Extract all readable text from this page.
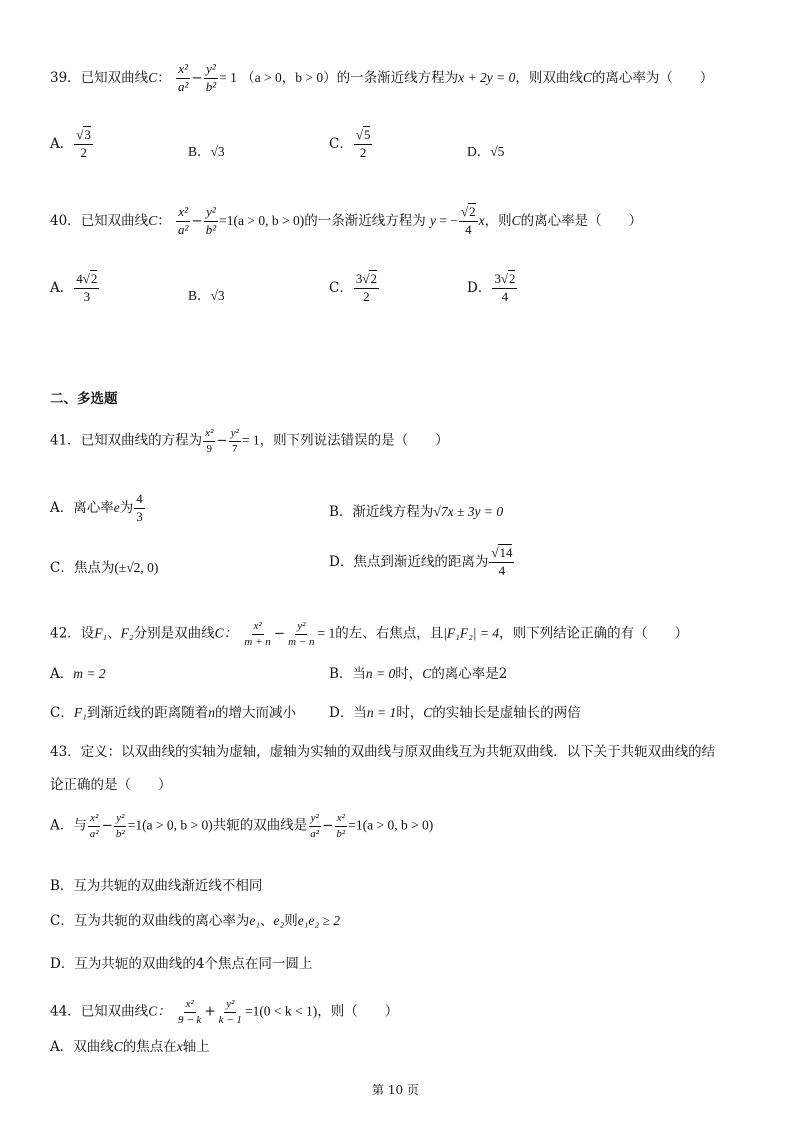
39．已知双曲线C： $\frac{\text{x²}}{\text{a²}} - \frac{\text{y²}}{\text{b²}} = 1$ （a > 0，b > 0）的一条渐近线方程为x + 2y = 0，则双曲线C的离心率为（　　）
A． $\frac{√3}{2}$	B．√3	C． $\frac{√5}{2}$	D．√5
40．已知双曲线C： $\frac{\text{x²}}{\text{a²}} - \frac{\text{y²}}{\text{b²}} =1(a > 0$, b > 0)的一条渐近线方程为 y = − $\frac{√2}{4}$ x，则C的离心率是（　　）
A． $\frac{4√2}{3}$	B．√3	C． $\frac{3√2}{2}$	D． $\frac{3√2}{4}$
二、多选题
41．已知双曲线的方程为 $\frac{\text{x²}}{9} - \frac{\text{y²}}{7} = 1$，则下列说法错误的是（　　）
A．离心率e为 $\frac{4}{3}$	B．渐近线方程为√7x ± 3y = 0
C．焦点为(±√2, 0)	D．焦点到渐近线的距离为 $\frac{√14}{4}$
42．设F₁、F₂分别是双曲线C： $\frac{\text{x²}}{m + n} - \frac{\text{y²}}{m - n} = 1$的左、右焦点，且|F₁F₂| = 4，则下列结论正确的有（　　）
A．m = 2	B．当n = 0时，C的离心率是2
C．F₁到渐近线的距离随着n的增大而减小 D．当n = 1时，C的实轴长是虚轴长的两倍
43．定义：以双曲线的实轴为虚轴，虚轴为实轴的双曲线与原双曲线互为共轭双曲线．以下关于共轭双曲线的结
论正确的是（　　）
A．与 $\frac{\text{x²}}{\text{a²}} - \frac{\text{y²}}{\text{b²}} =1(a > 0$, b > 0)共轭的双曲线是 $\frac{\text{y²}}{\text{a²}} - \frac{\text{x²}}{\text{b²}} =1(a > 0$, b > 0)
B．互为共轭的双曲线渐近线不相同
C．互为共轭的双曲线的离心率为e₁、e₂则e₁e₂ ≥ 2
D．互为共轭的双曲线的4个焦点在同一圆上
44．已知双曲线C： $\frac{\text{x²}}{9 - k} + \frac{\text{y²}}{k - 1} =1(0 < k < 1)$，则（　　）
A．双曲线C的焦点在x轴上
第 10 页
